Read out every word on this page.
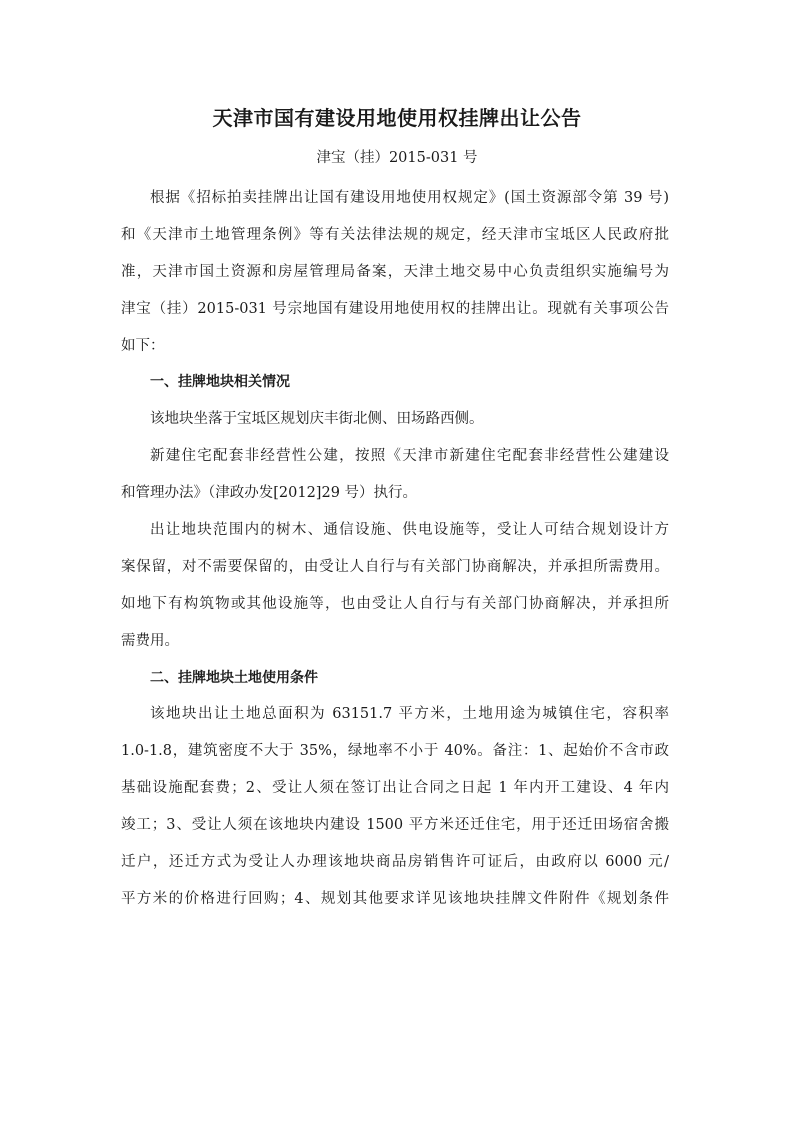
天津市国有建设用地使用权挂牌出让公告
津宝（挂）2015-031 号
根据《招标拍卖挂牌出让国有建设用地使用权规定》(国土资源部令第 39 号)
和《天津市土地管理条例》等有关法律法规的规定，经天津市宝坻区人民政府批
准，天津市国土资源和房屋管理局备案，天津土地交易中心负责组织实施编号为
津宝（挂）2015-031 号宗地国有建设用地使用权的挂牌出让。现就有关事项公告
如下：
一、挂牌地块相关情况
该地块坐落于宝坻区规划庆丰街北侧、田场路西侧。
新建住宅配套非经营性公建，按照《天津市新建住宅配套非经营性公建建设
和管理办法》（津政办发[2012]29 号）执行。
出让地块范围内的树木、通信设施、供电设施等，受让人可结合规划设计方
案保留，对不需要保留的，由受让人自行与有关部门协商解决，并承担所需费用。
如地下有构筑物或其他设施等，也由受让人自行与有关部门协商解决，并承担所
需费用。
二、挂牌地块土地使用条件
该地块出让土地总面积为 63151.7 平方米，土地用途为城镇住宅，容积率
1.0-1.8，建筑密度不大于 35%，绿地率不小于 40%。备注：1、起始价不含市政
基础设施配套费；2、受让人须在签订出让合同之日起 1 年内开工建设、4 年内
竣工；3、受让人须在该地块内建设 1500 平方米还迁住宅，用于还迁田场宿舍搬
迁户，还迁方式为受让人办理该地块商品房销售许可证后，由政府以 6000 元/
平方米的价格进行回购；4、规划其他要求详见该地块挂牌文件附件《规划条件
